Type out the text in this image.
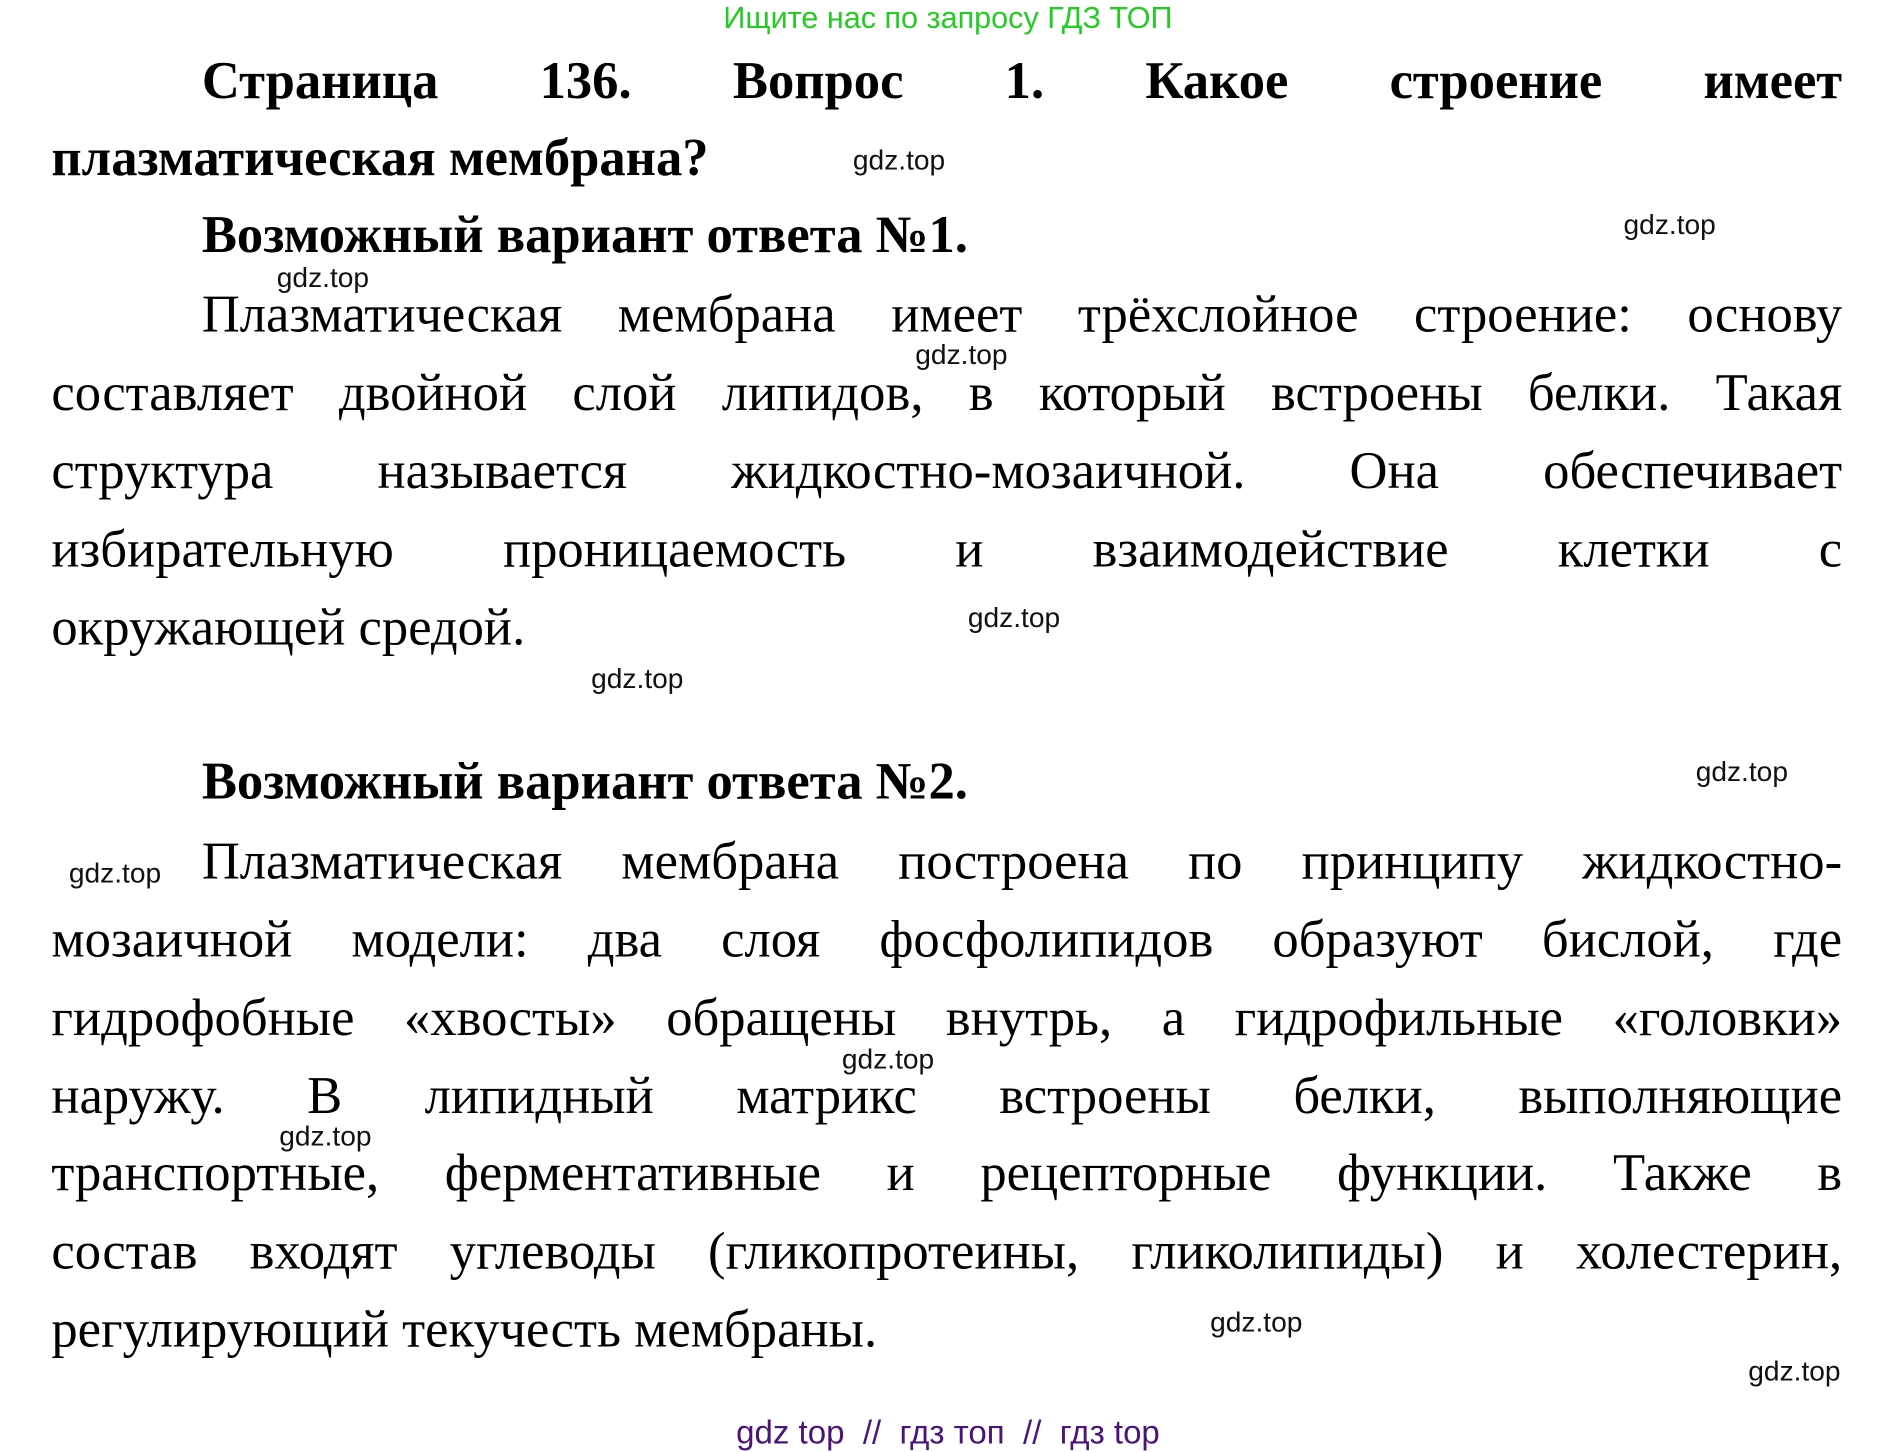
Ищите нас по запросу ГДЗ ТОП
Страница 136. Вопрос 1. Какое строение имеет
плазматическая мембрана?
Возможный вариант ответа №1.
Плазматическая мембрана имеет трёхслойное строение: основу
составляет двойной слой липидов, в который встроены белки. Такая
структура называется жидкостно-мозаичной. Она обеспечивает
избирательную проницаемость и взаимодействие клетки с
окружающей средой.
Возможный вариант ответа №2.
Плазматическая мембрана построена по принципу жидкостно-
мозаичной модели: два слоя фосфолипидов образуют бислой, где
гидрофобные «хвосты» обращены внутрь, а гидрофильные «головки»
наружу. В липидный матрикс встроены белки, выполняющие
транспортные, ферментативные и рецепторные функции. Также в
состав входят углеводы (гликопротеины, гликолипиды) и холестерин,
регулирующий текучесть мембраны.
gdz.top
gdz.top
gdz.top
gdz.top
gdz.top
gdz.top
gdz.top
gdz.top
gdz.top
gdz.top
gdz.top
gdz.top
gdz top  //  гдз топ  //  гдз top
